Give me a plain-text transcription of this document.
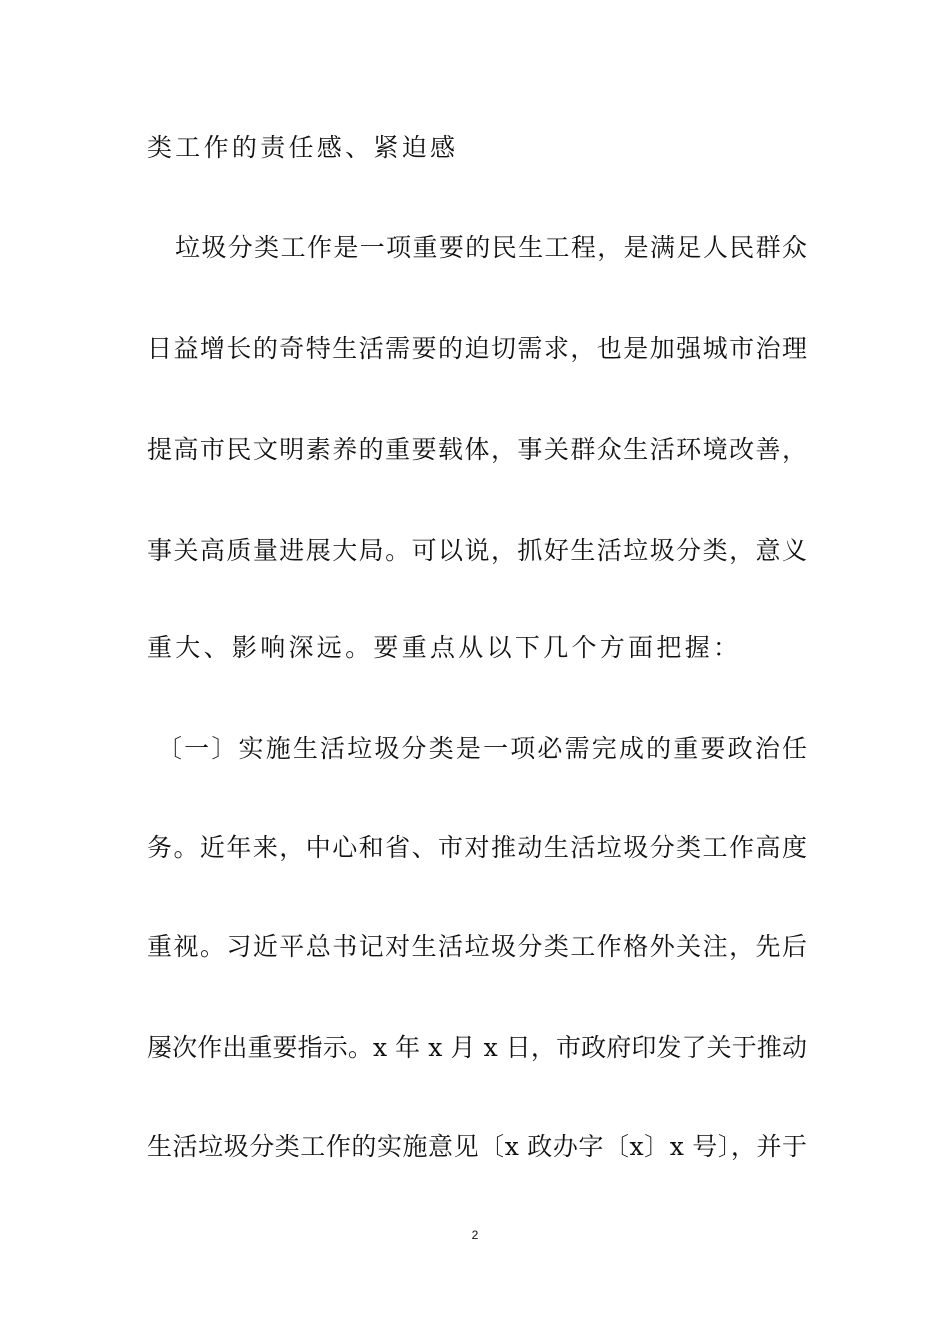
类工作的责任感、紧迫感
垃圾分类工作是一项重要的民生工程，是满足人民群众
日益增长的奇特生活需要的迫切需求，也是加强城市治理
提高市民文明素养的重要载体，事关群众生活环境改善，
事关高质量进展大局。可以说，抓好生活垃圾分类，意义
重大、影响深远。要重点从以下几个方面把握：
〔一〕实施生活垃圾分类是一项必需完成的重要政治任
务。近年来，中心和省、市对推动生活垃圾分类工作高度
重视。习近平总书记对生活垃圾分类工作格外关注，先后
屡次作出重要指示。x 年 x 月 x 日，市政府印发了关于推动
生活垃圾分类工作的实施意见〔x 政办字〔x〕x 号〕，并于
2
